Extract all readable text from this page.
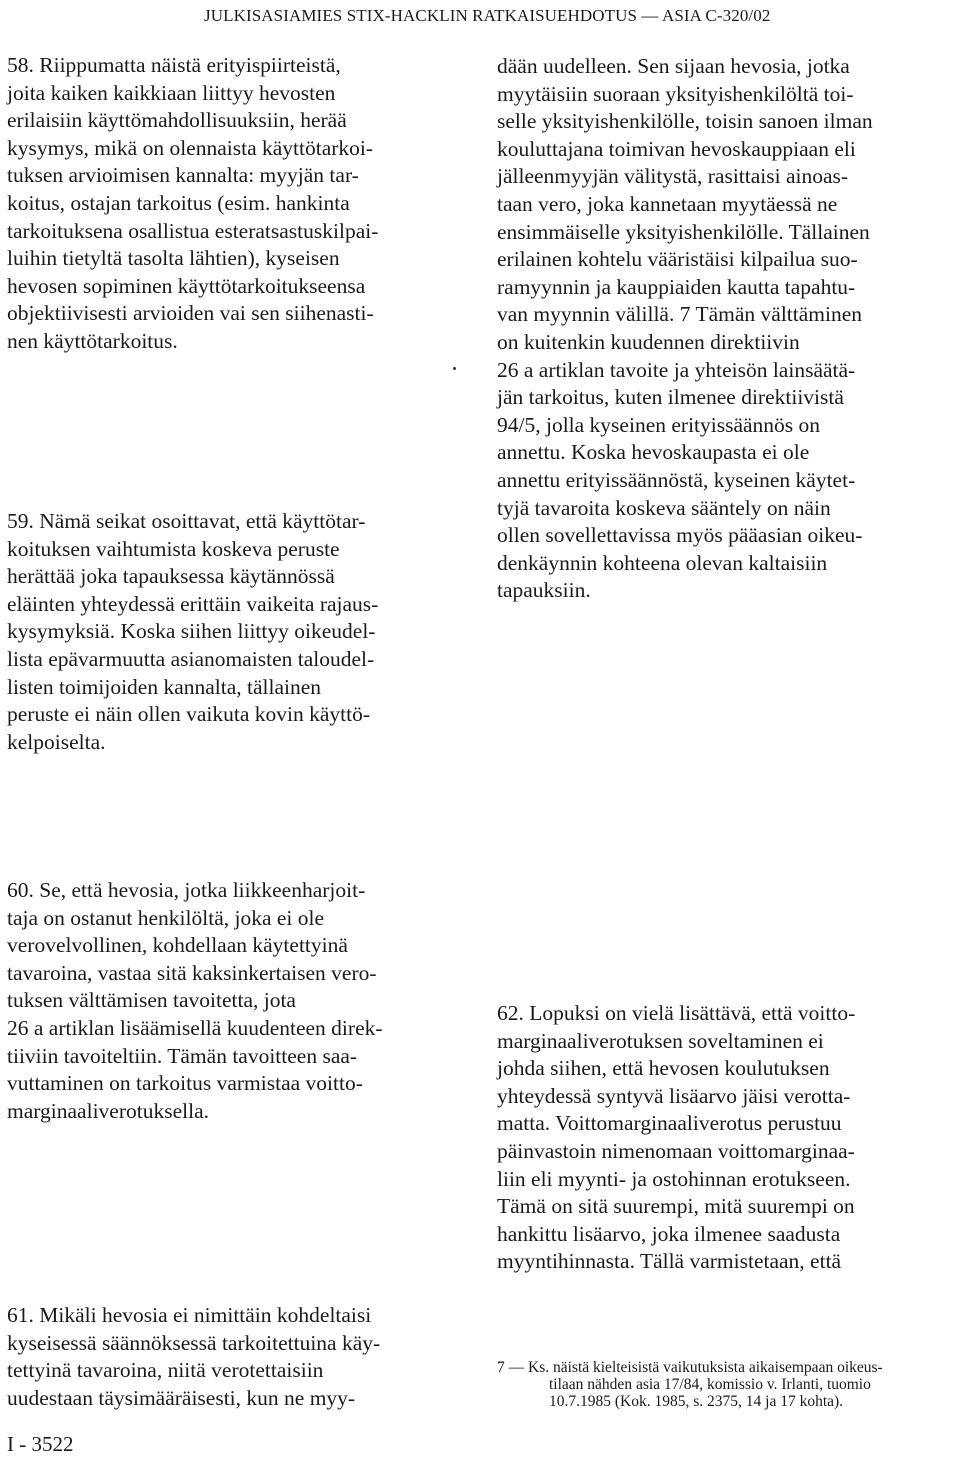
JULKISASIAMIES STIX-HACKLIN RATKAISUEHDOTUS — ASIA C-320/02
58. Riippumatta näistä erityispiirteistä,
joita kaiken kaikkiaan liittyy hevosten
erilaisiin käyttömahdollisuuksiin, herää
kysymys, mikä on olennaista käyttötarkoi-
tuksen arvioimisen kannalta: myyjän tar-
koitus, ostajan tarkoitus (esim. hankinta
tarkoituksena osallistua esteratsastuskilpai-
luihin tietyltä tasolta lähtien), kyseisen
hevosen sopiminen käyttötarkoitukseensa
objektiivisesti arvioiden vai sen siihenasti-
nen käyttötarkoitus.
59. Nämä seikat osoittavat, että käyttötar-
koituksen vaihtumista koskeva peruste
herättää joka tapauksessa käytännössä
eläinten yhteydessä erittäin vaikeita rajaus-
kysymyksiä. Koska siihen liittyy oikeudel-
lista epävarmuutta asianomaisten taloudel-
listen toimijoiden kannalta, tällainen
peruste ei näin ollen vaikuta kovin käyttö-
kelpoiselta.
60. Se, että hevosia, jotka liikkeenharjoit-
taja on ostanut henkilöltä, joka ei ole
verovelvollinen, kohdellaan käytettyinä
tavaroina, vastaa sitä kaksinkertaisen vero-
tuksen välttämisen tavoitetta, jota
26 a artiklan lisäämisellä kuudenteen direk-
tiiviin tavoiteltiin. Tämän tavoitteen saa-
vuttaminen on tarkoitus varmistaa voitto-
marginaaliverotuksella.
61. Mikäli hevosia ei nimittäin kohdeltaisi
kyseisessä säännöksessä tarkoitettuina käy-
tettyinä tavaroina, niitä verotettaisiin
uudestaan täysimääräisesti, kun ne myy-
dään uudelleen. Sen sijaan hevosia, jotka
myytäisiin suoraan yksityishenkilöltä toi-
selle yksityishenkilölle, toisin sanoen ilman
kouluttajana toimivan hevoskauppiaan eli
jälleenmyyjän välitystä, rasittaisi ainoas-
taan vero, joka kannetaan myytäessä ne
ensimmäiselle yksityishenkilölle. Tällainen
erilainen kohtelu vääristäisi kilpailua suo-
ramyynnin ja kauppiaiden kautta tapahtu-
van myynnin välillä. 7 Tämän välttäminen
on kuitenkin kuudennen direktiivin
26 a artiklan tavoite ja yhteisön lainsäätä-
jän tarkoitus, kuten ilmenee direktiivistä
94/5, jolla kyseinen erityissäännös on
annettu. Koska hevoskaupasta ei ole
annettu erityissäännöstä, kyseinen käytet-
tyjä tavaroita koskeva sääntely on näin
ollen sovellettavissa myös pääasian oikeu-
denkäynnin kohteena olevan kaltaisiin
tapauksiin.
62. Lopuksi on vielä lisättävä, että voitto-
marginaaliverotuksen soveltaminen ei
johda siihen, että hevosen koulutuksen
yhteydessä syntyvä lisäarvo jäisi verotta-
matta. Voittomarginaaliverotus perustuu
päinvastoin nimenomaan voittomarginaa-
liin eli myynti- ja ostohinnan erotukseen.
Tämä on sitä suurempi, mitä suurempi on
hankittu lisäarvo, joka ilmenee saadusta
myyntihinnasta. Tällä varmistetaan, että
7 — Ks. näistä kielteisistä vaikutuksista aikaisempaan oikeus-
tilaan nähden asia 17/84, komissio v. Irlanti, tuomio
10.7.1985 (Kok. 1985, s. 2375, 14 ja 17 kohta).
I - 3522
